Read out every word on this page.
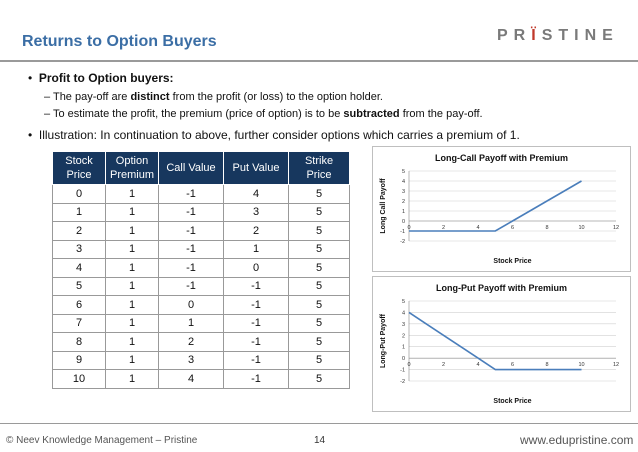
Returns to Option Buyers	PRÏSTINE
•  Profit to Option buyers:
– The pay-off are distinct from the profit (or loss) to the option holder.
– To estimate the profit, the premium (price of option) is to be subtracted from the pay-off.
•  Illustration: In continuation to above, further consider options which carries a premium of 1.
Stock Price	Option Premium	Call Value	Put Value	Strike Price
0	1	-1	4	5
1	1	-1	3	5
2	1	-1	2	5
3	1	-1	1	5
4	1	-1	0	5
5	1	-1	-1	5
6	1	0	-1	5
7	1	1	-1	5
8	1	2	-1	5
9	1	3	-1	5
10	1	4	-1	5
Long-Call Payoff with Premium
-2
-1
0
1
2
3
4
5
0	2	4	6	8	10	12
Stock Price
Long Call Payoff
Long-Put Payoff with Premium
-2
-1
0
1
2
3
4
5
0	2	4	6	8	10	12
Stock Price
Long-Put Payoff
© Neev Knowledge Management – Pristine	14	www.edupristine.com
